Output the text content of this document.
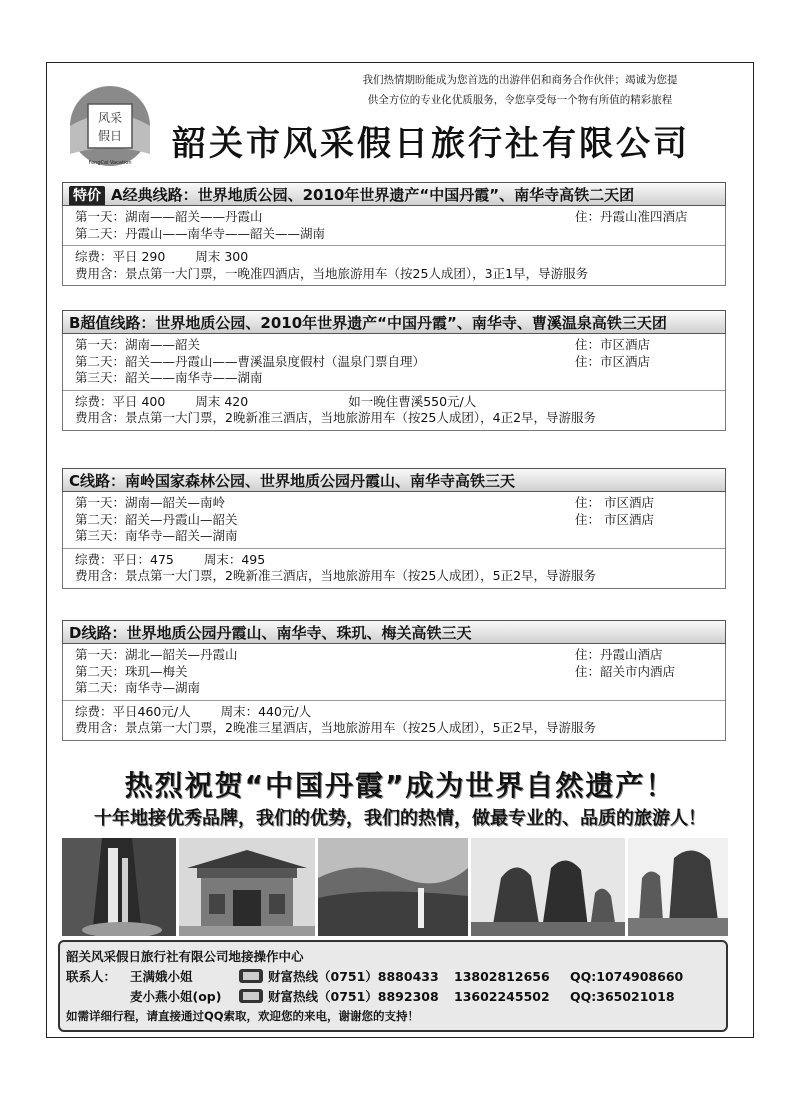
我们热情期盼能成为您首选的出游伴侣和商务合作伙伴；竭诚为您提
供全方位的专业化优质服务，令您享受每一个物有所值的精彩旅程
风采
假日
FengCai Vacation 韶关市风采假日旅行社有限公司
特价 A经典线路：世界地质公园、2010年世界遗产“中国丹霞”、南华寺高铁二天团
第一天：湖南——韶关——丹霞山	住：丹霞山准四酒店
第二天：丹霞山——南华寺——韶关——湖南
综费：平日 290 周末 300
费用含：景点第一大门票，一晚准四酒店，当地旅游用车（按25人成团），3正1早，导游服务
B超值线路：世界地质公园、2010年世界遗产“中国丹霞”、南华寺、曹溪温泉高铁三天团
第一天：湖南——韶关	住：市区酒店
第二天：韶关——丹霞山——曹溪温泉度假村（温泉门票自理）	住：市区酒店
第三天：韶关——南华寺——湖南
综费：平日 400 周末 420	如一晚住曹溪550元/人
费用含：景点第一大门票，2晚新准三酒店，当地旅游用车（按25人成团），4正2早，导游服务
C线路：南岭国家森林公园、世界地质公园丹霞山、南华寺高铁三天
第一天：湖南—韶关—南岭	住： 市区酒店
第二天：韶关—丹霞山—韶关	住： 市区酒店
第三天：南华寺—韶关—湖南
综费：平日：475 周末：495
费用含：景点第一大门票，2晚新准三酒店，当地旅游用车（按25人成团），5正2早，导游服务
D线路：世界地质公园丹霞山、南华寺、珠玑、梅关高铁三天
第一天：湖北—韶关—丹霞山	住：丹霞山酒店
第二天：珠玑—梅关	住：韶关市内酒店
第二天：南华寺—湖南
综费：平日460元/人 周末：440元/人
费用含：景点第一大门票，2晚准三星酒店，当地旅游用车（按25人成团），5正2早，导游服务
热烈祝贺“中国丹霞”成为世界自然遗产！
十年地接优秀品牌，我们的优势，我们的热情，做最专业的、品质的旅游人！
韶关风采假日旅行社有限公司地接操作中心
联系人：	王满娥小姐	财富热线（0751）8880433	13802812656	QQ:1074908660
麦小燕小姐(op)	财富热线（0751）8892308	13602245502	QQ:365021018
如需详细行程，请直接通过QQ索取，欢迎您的来电，谢谢您的支持！
